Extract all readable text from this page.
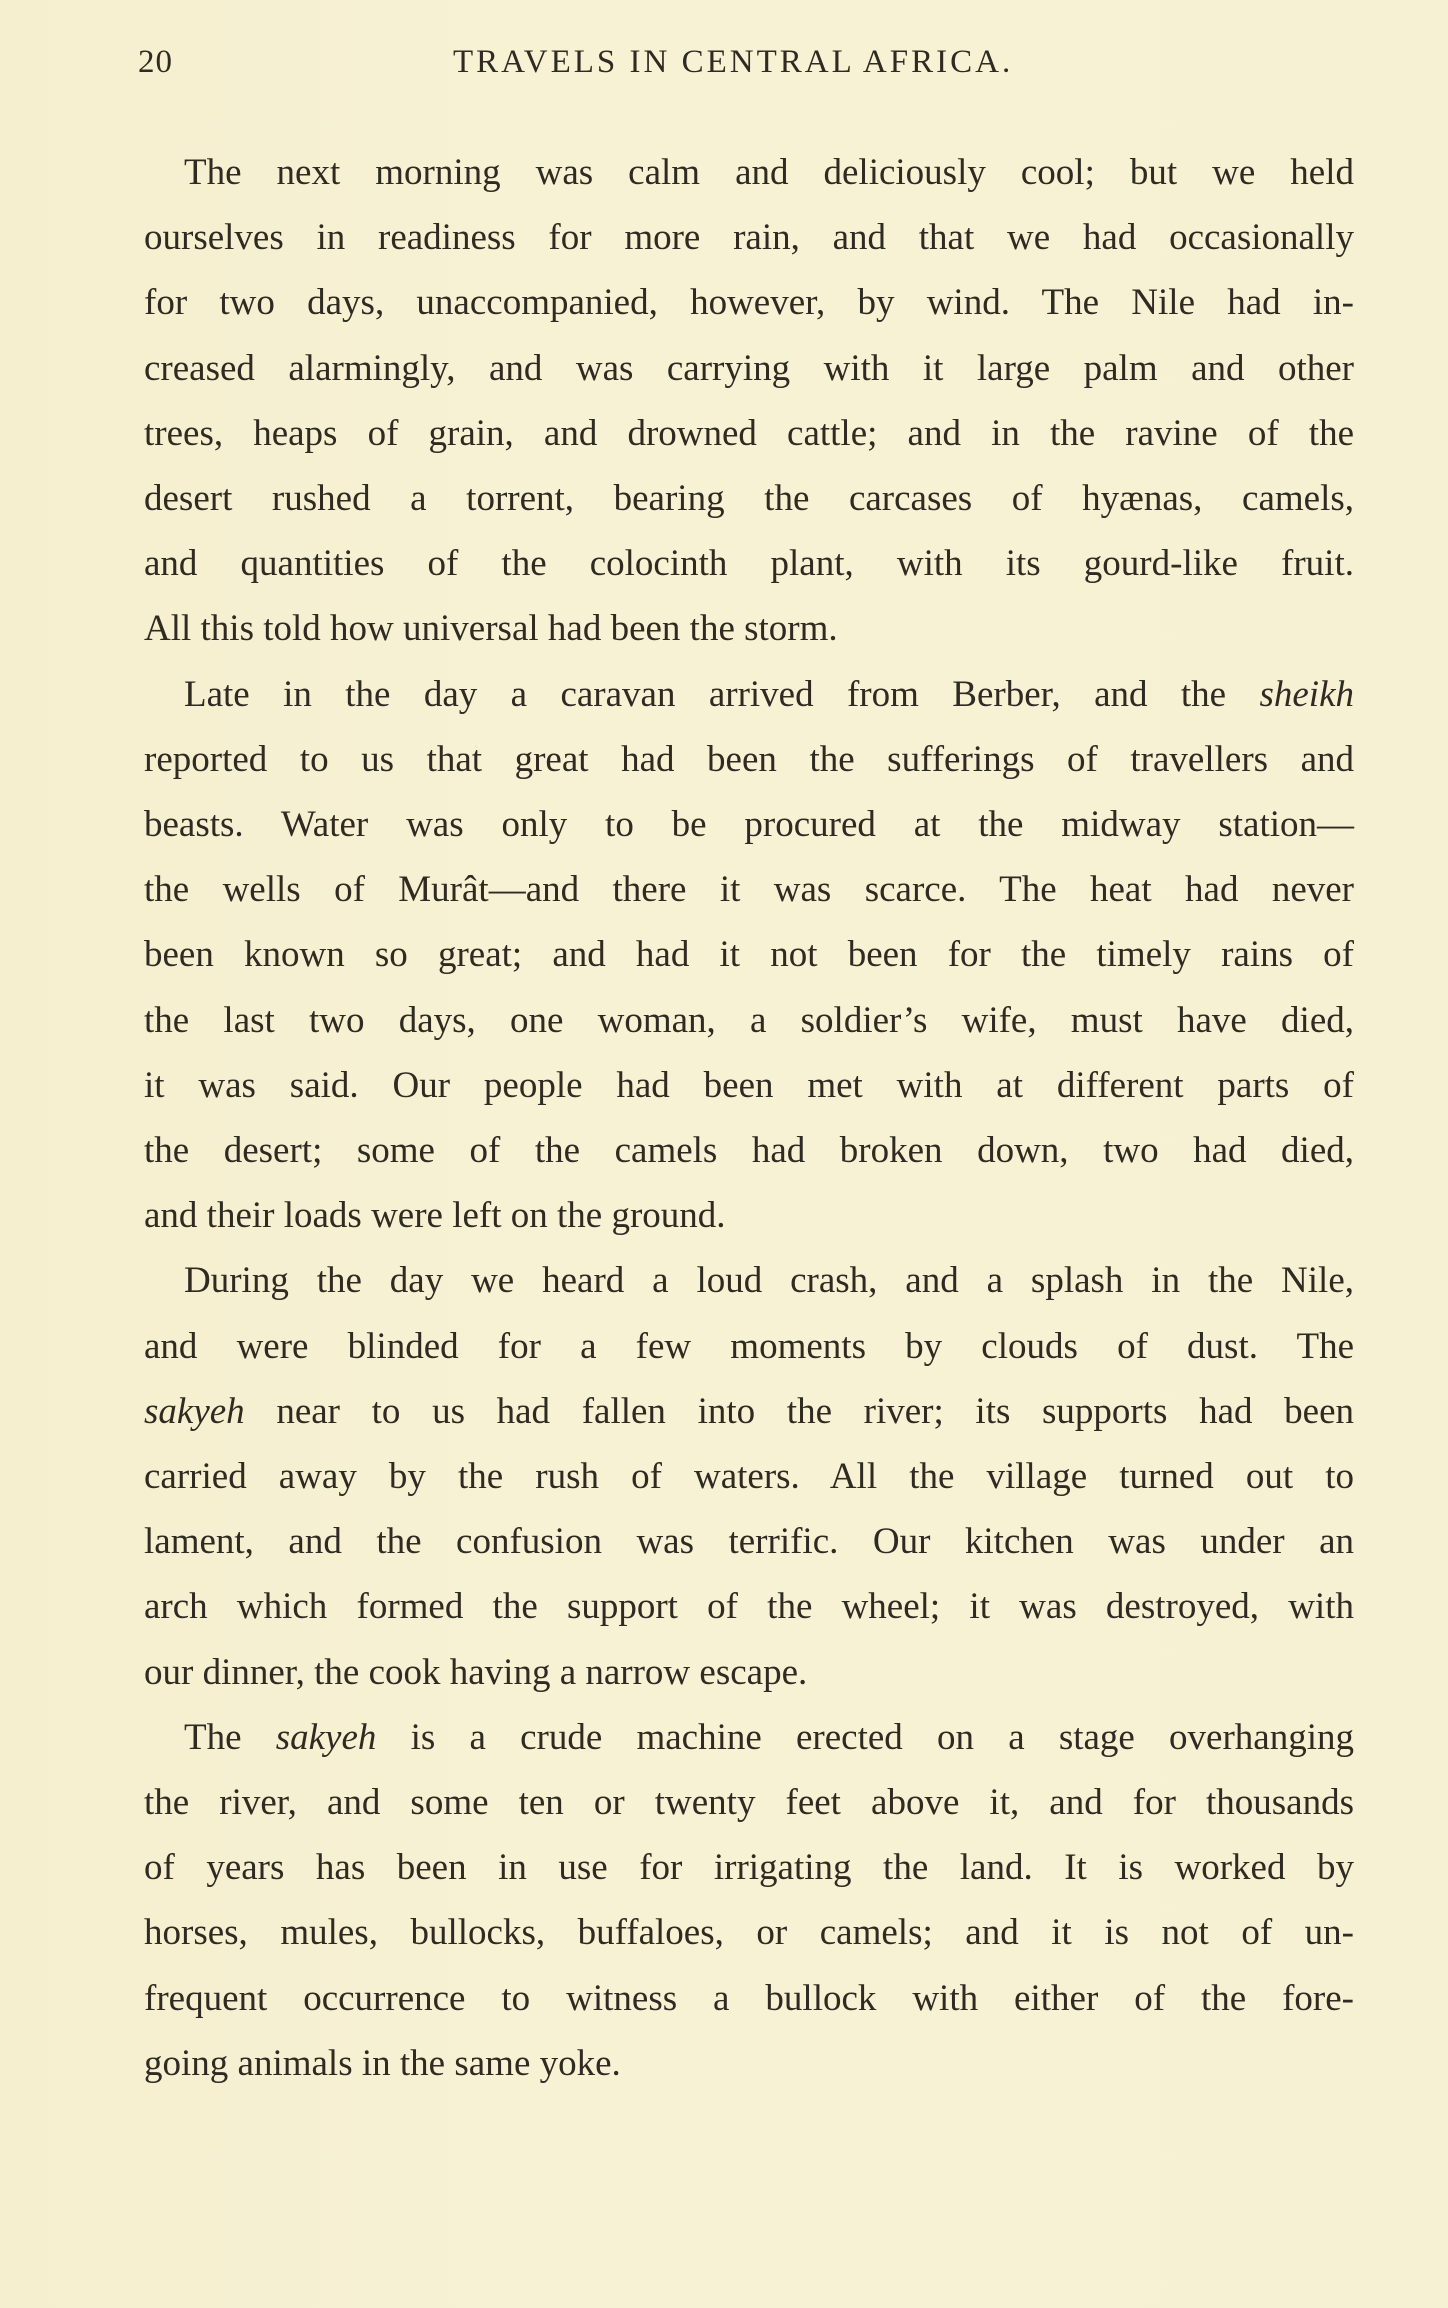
20	TRAVELS IN CENTRAL AFRICA.

The next morning was calm and deliciously cool; but we held
ourselves in readiness for more rain, and that we had occasionally
for two days, unaccompanied, however, by wind. The Nile had in-
creased alarmingly, and was carrying with it large palm and other
trees, heaps of grain, and drowned cattle; and in the ravine of the
desert rushed a torrent, bearing the carcases of hyænas, camels,
and quantities of the colocinth plant, with its gourd-like fruit.
All this told how universal had been the storm.

Late in the day a caravan arrived from Berber, and the sheikh
reported to us that great had been the sufferings of travellers and
beasts. Water was only to be procured at the midway station—
the wells of Murât—and there it was scarce. The heat had never
been known so great; and had it not been for the timely rains of
the last two days, one woman, a soldier’s wife, must have died,
it was said. Our people had been met with at different parts of
the desert; some of the camels had broken down, two had died,
and their loads were left on the ground.

During the day we heard a loud crash, and a splash in the Nile,
and were blinded for a few moments by clouds of dust. The
sakyeh near to us had fallen into the river; its supports had been
carried away by the rush of waters. All the village turned out to
lament, and the confusion was terrific. Our kitchen was under an
arch which formed the support of the wheel; it was destroyed, with
our dinner, the cook having a narrow escape.

The sakyeh is a crude machine erected on a stage overhanging
the river, and some ten or twenty feet above it, and for thousands
of years has been in use for irrigating the land. It is worked by
horses, mules, bullocks, buffaloes, or camels; and it is not of un-
frequent occurrence to witness a bullock with either of the fore-
going animals in the same yoke.
